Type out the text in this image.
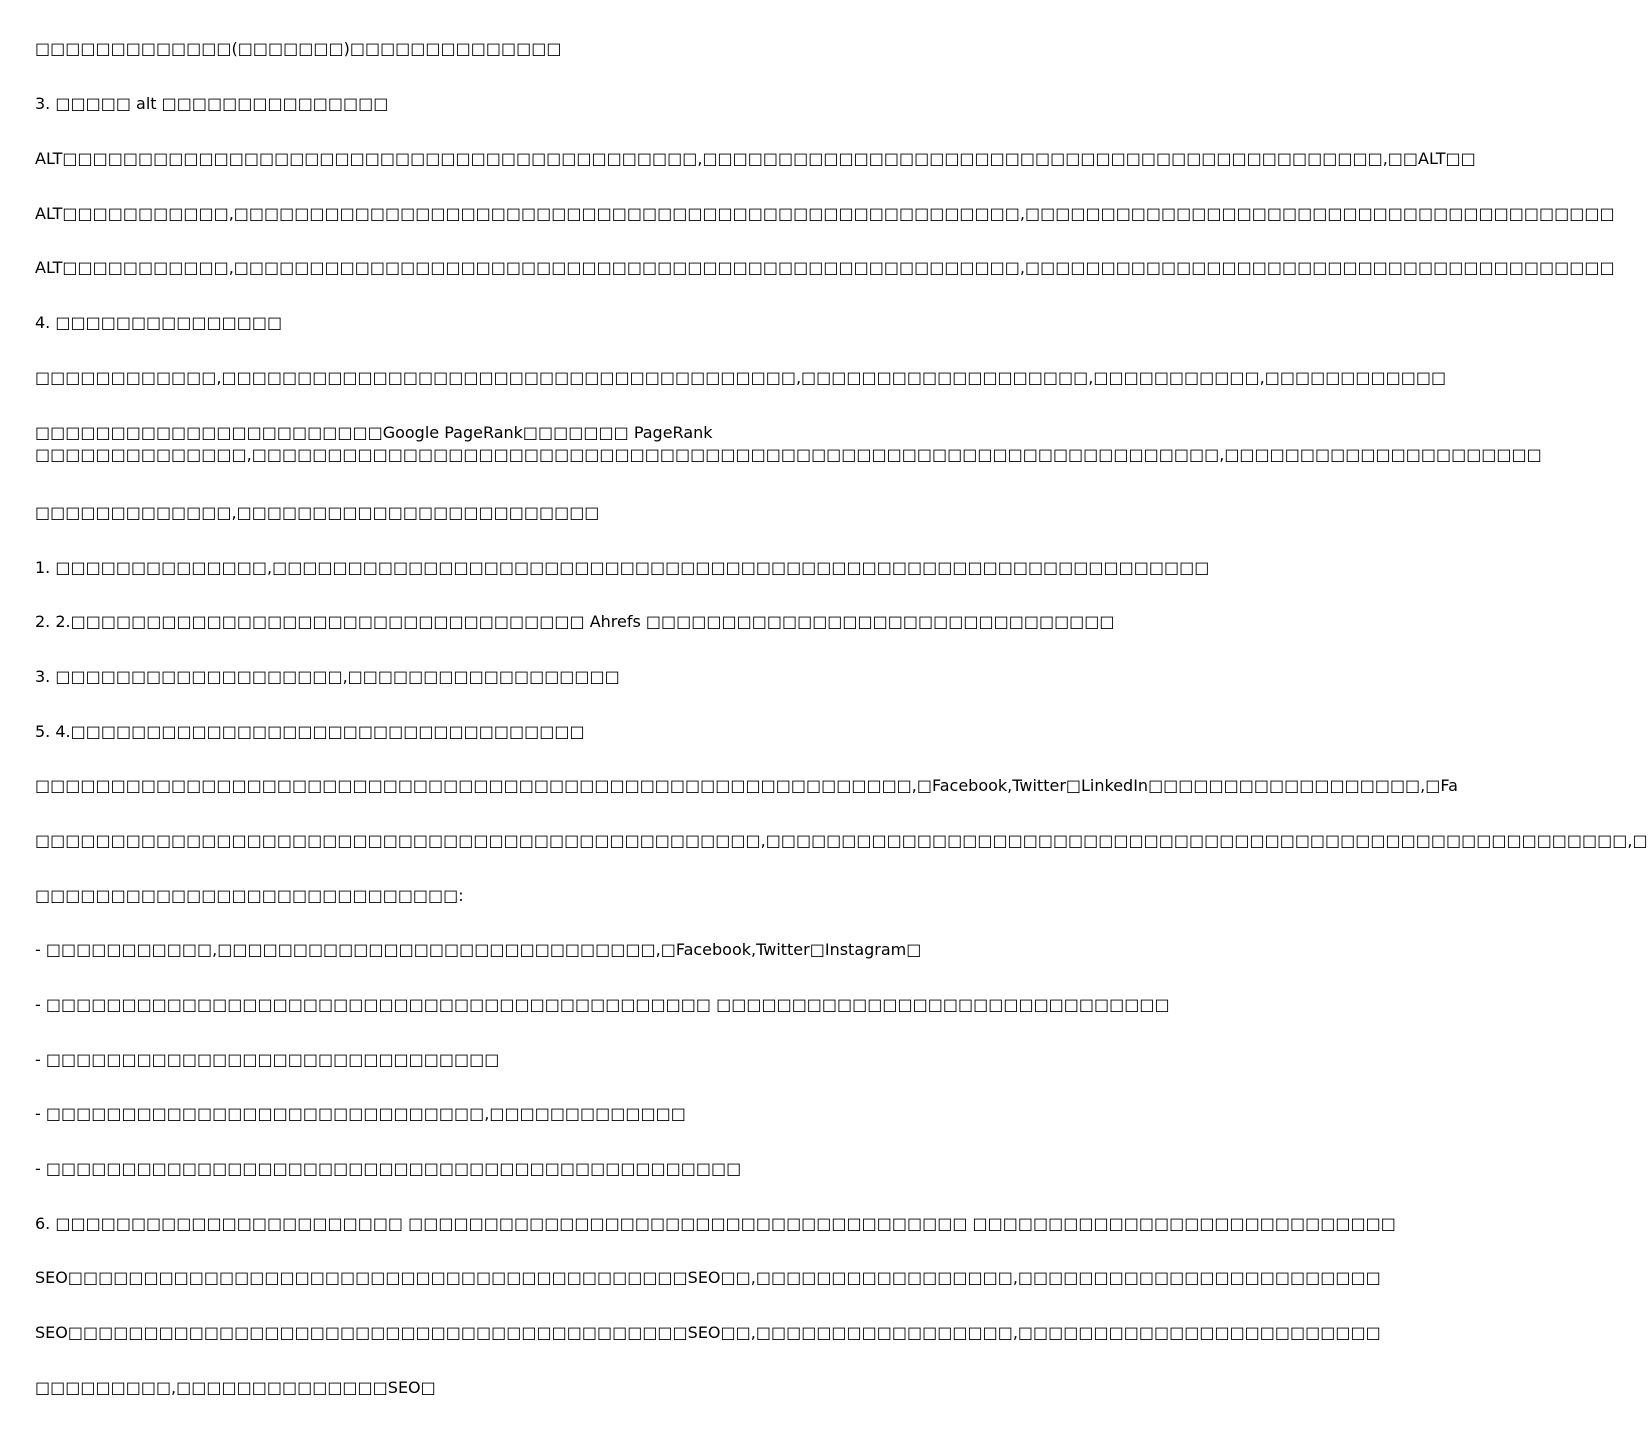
□□□□□□□□□□□□□(□□□□□□□)□□□□□□□□□□□□□□
3. □□□□□ alt □□□□□□□□□□□□□□□
ALT□□□□□□□□□□□□□□□□□□□□□□□□□□□□□□□□□□□□□□□□□□,□□□□□□□□□□□□□□□□□□□□□□□□□□□□□□□□□□□□□□□□□□□□□,□□ALT□□
ALT□□□□□□□□□□□,□□□□□□□□□□□□□□□□□□□□□□□□□□□□□□□□□□□□□□□□□□□□□□□□□□□□,□□□□□□□□□□□□□□□□□□□□□□□□□□□□□□□□□□□□□□□
ALT□□□□□□□□□□□,□□□□□□□□□□□□□□□□□□□□□□□□□□□□□□□□□□□□□□□□□□□□□□□□□□□□,□□□□□□□□□□□□□□□□□□□□□□□□□□□□□□□□□□□□□□□
4. □□□□□□□□□□□□□□□
□□□□□□□□□□□□,□□□□□□□□□□□□□□□□□□□□□□□□□□□□□□□□□□□□□□,□□□□□□□□□□□□□□□□□□□,□□□□□□□□□□□,□□□□□□□□□□□□
□□□□□□□□□□□□□□□□□□□□□□□Google PageRank□□□□□□□ PageRank
□□□□□□□□□□□□□□,□□□□□□□□□□□□□□□□□□□□□□□□□□□□□□□□□□□□□□□□□□□□□□□□□□□□□□□□□□□□□□□□,□□□□□□□□□□□□□□□□□□□□□
□□□□□□□□□□□□□,□□□□□□□□□□□□□□□□□□□□□□□□
1. □□□□□□□□□□□□□□,□□□□□□□□□□□□□□□□□□□□□□□□□□□□□□□□□□□□□□□□□□□□□□□□□□□□□□□□□□□□□□
2. 2.□□□□□□□□□□□□□□□□□□□□□□□□□□□□□□□□□□ Ahrefs □□□□□□□□□□□□□□□□□□□□□□□□□□□□□□□
3. □□□□□□□□□□□□□□□□□□□,□□□□□□□□□□□□□□□□□□
5. 4.□□□□□□□□□□□□□□□□□□□□□□□□□□□□□□□□□□
□□□□□□□□□□□□□□□□□□□□□□□□□□□□□□□□□□□□□□□□□□□□□□□□□□□□□□□□□□,□Facebook,Twitter□LinkedIn□□□□□□□□□□□□□□□□□□,□Fa
□□□□□□□□□□□□□□□□□□□□□□□□□□□□□□□□□□□□□□□□□□□□□□□□,□□□□□□□□□□□□□□□□□□□□□□□□□□□□□□□□□□□□□□□□□□□□□□□□□□□□□□□□□,□
□□□□□□□□□□□□□□□□□□□□□□□□□□□□:
- □□□□□□□□□□□,□□□□□□□□□□□□□□□□□□□□□□□□□□□□□,□Facebook,Twitter□Instagram□
- □□□□□□□□□□□□□□□□□□□□□□□□□□□□□□□□□□□□□□□□□□□□ □□□□□□□□□□□□□□□□□□□□□□□□□□□□□□
- □□□□□□□□□□□□□□□□□□□□□□□□□□□□□□
- □□□□□□□□□□□□□□□□□□□□□□□□□□□□□,□□□□□□□□□□□□□
- □□□□□□□□□□□□□□□□□□□□□□□□□□□□□□□□□□□□□□□□□□□□□□
6. □□□□□□□□□□□□□□□□□□□□□□□ □□□□□□□□□□□□□□□□□□□□□□□□□□□□□□□□□□□□□ □□□□□□□□□□□□□□□□□□□□□□□□□□□□
SEO□□□□□□□□□□□□□□□□□□□□□□□□□□□□□□□□□□□□□□□□□SEO□□,□□□□□□□□□□□□□□□□□,□□□□□□□□□□□□□□□□□□□□□□□□
SEO□□□□□□□□□□□□□□□□□□□□□□□□□□□□□□□□□□□□□□□□□SEO□□,□□□□□□□□□□□□□□□□□,□□□□□□□□□□□□□□□□□□□□□□□□
□□□□□□□□□,□□□□□□□□□□□□□□SEO□
